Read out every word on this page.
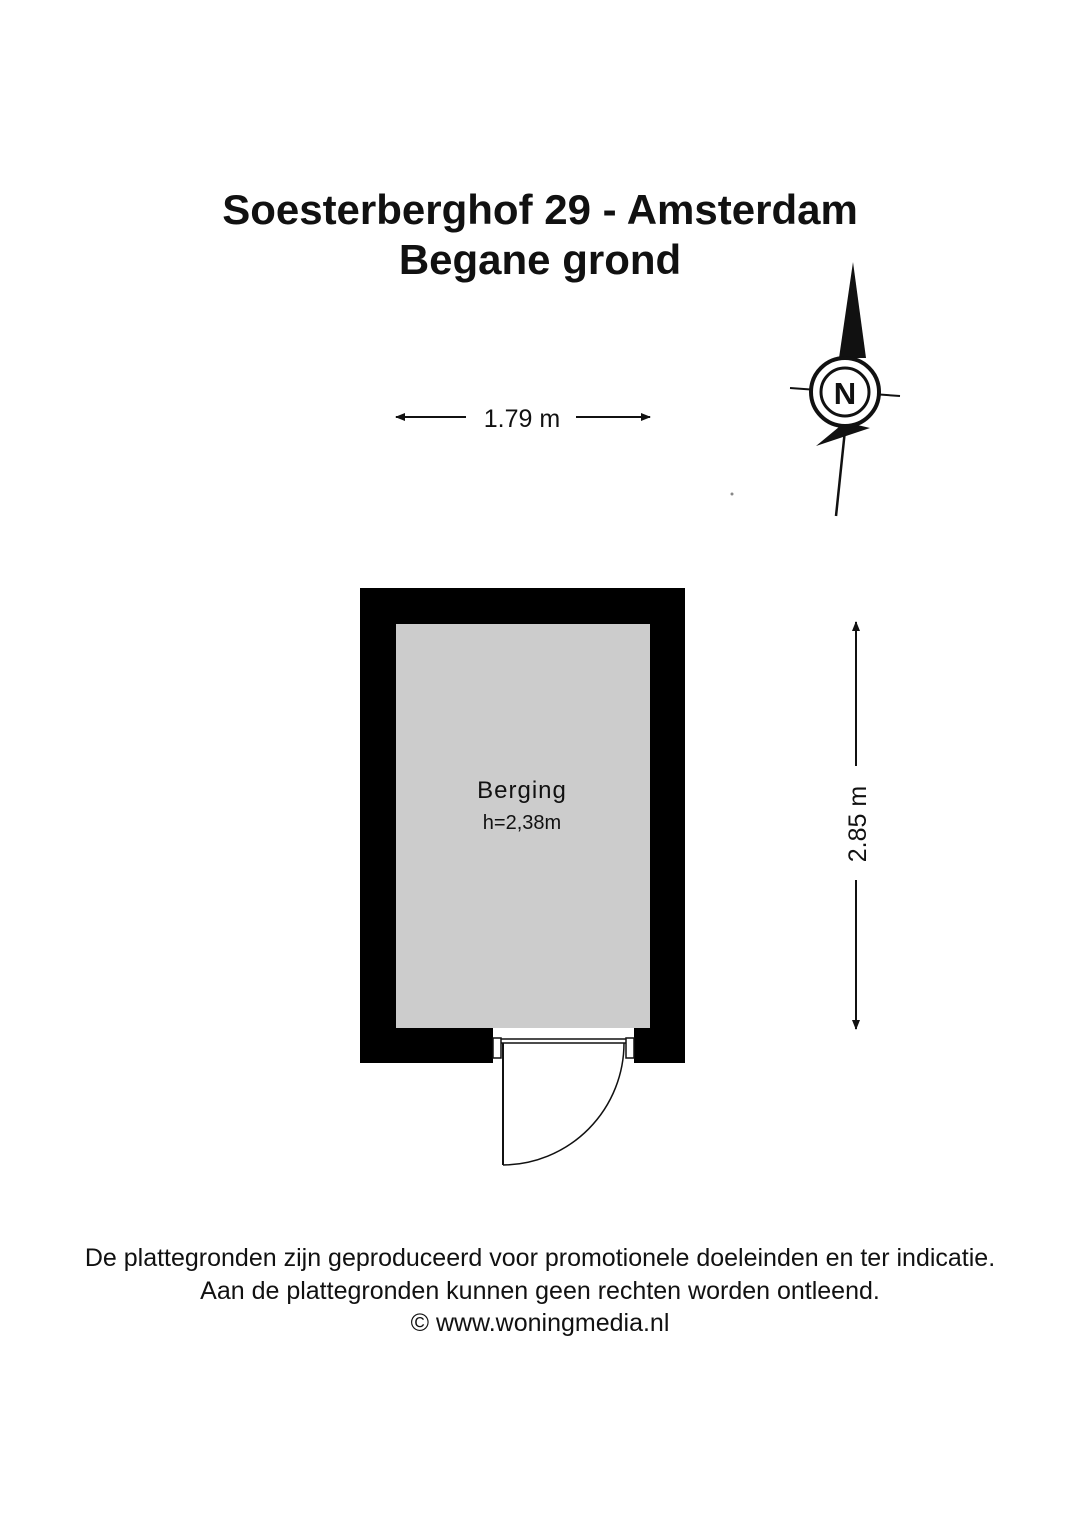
Soesterberghof 29 - Amsterdam
Begane grond
N
1.79 m
2.85 m
Berging
h=2,38m
De plattegronden zijn geproduceerd voor promotionele doeleinden en ter indicatie.
Aan de plattegronden kunnen geen rechten worden ontleend.
© www.woningmedia.nl
